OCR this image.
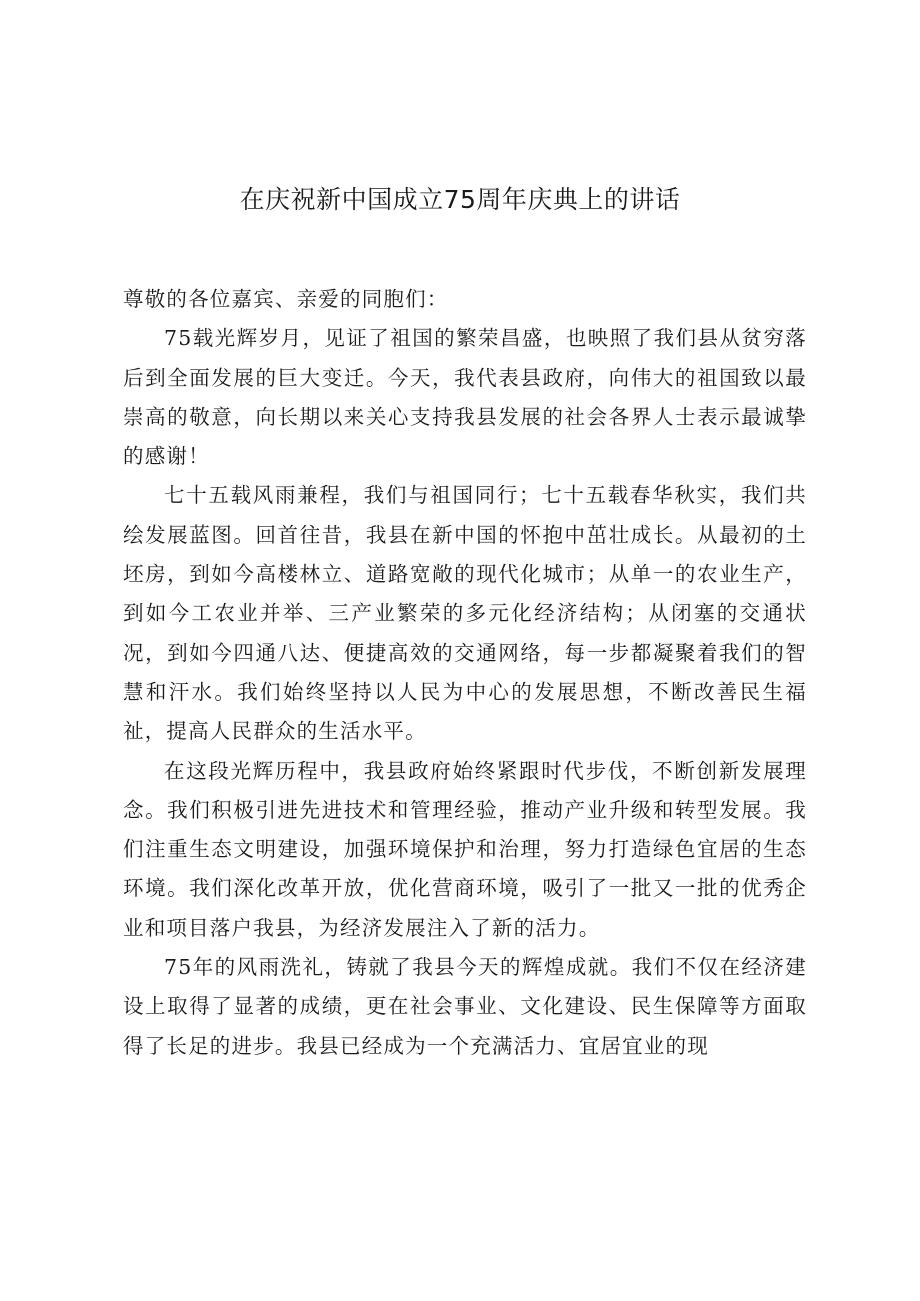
在庆祝新中国成立75周年庆典上的讲话

尊敬的各位嘉宾、亲爱的同胞们：

75载光辉岁月，见证了祖国的繁荣昌盛，也映照了我们县从贫穷落后到全面发展的巨大变迁。今天，我代表县政府，向伟大的祖国致以最崇高的敬意，向长期以来关心支持我县发展的社会各界人士表示最诚挚的感谢！

七十五载风雨兼程，我们与祖国同行；七十五载春华秋实，我们共绘发展蓝图。回首往昔，我县在新中国的怀抱中茁壮成长。从最初的土坯房，到如今高楼林立、道路宽敞的现代化城市；从单一的农业生产，到如今工农业并举、三产业繁荣的多元化经济结构；从闭塞的交通状况，到如今四通八达、便捷高效的交通网络，每一步都凝聚着我们的智慧和汗水。我们始终坚持以人民为中心的发展思想，不断改善民生福祉，提高人民群众的生活水平。

在这段光辉历程中，我县政府始终紧跟时代步伐，不断创新发展理念。我们积极引进先进技术和管理经验，推动产业升级和转型发展。我们注重生态文明建设，加强环境保护和治理，努力打造绿色宜居的生态环境。我们深化改革开放，优化营商环境，吸引了一批又一批的优秀企业和项目落户我县，为经济发展注入了新的活力。

75年的风雨洗礼，铸就了我县今天的辉煌成就。我们不仅在经济建设上取得了显著的成绩，更在社会事业、文化建设、民生保障等方面取得了长足的进步。我县已经成为一个充满活力、宜居宜业的现
